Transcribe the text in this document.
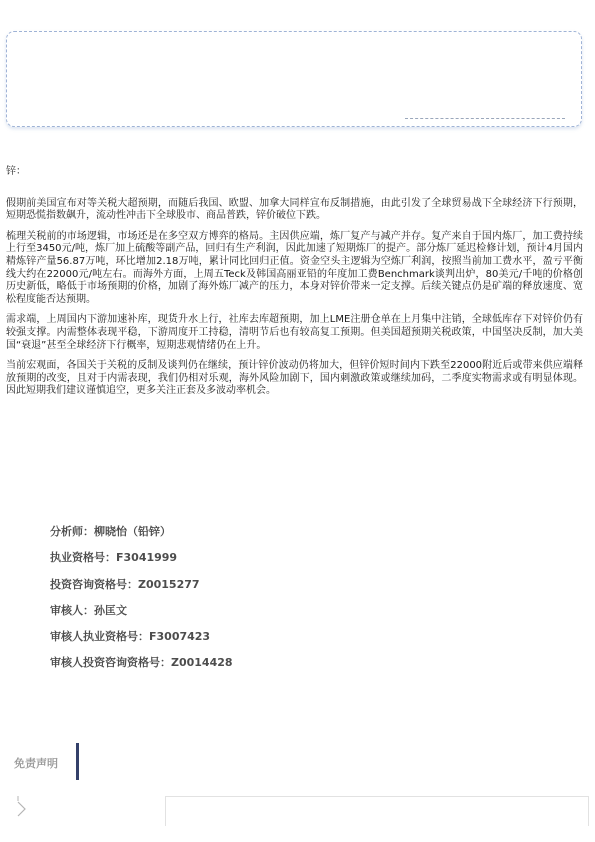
锌：

假期前美国宣布对等关税大超预期，而随后我国、欧盟、加拿大同样宣布反制措施，由此引发了全球贸易战下全球经济下行预期，短期恐慌指数飙升，流动性冲击下全球股市、商品普跌，锌价破位下跌。

梳理关税前的市场逻辑，市场还是在多空双方博弈的格局。主因供应端，炼厂复产与减产并存。复产来自于国内炼厂，加工费持续上行至3450元/吨，炼厂加上硫酸等副产品，回归有生产利润，因此加速了短期炼厂的提产。部分炼厂延迟检修计划，预计4月国内精炼锌产量56.87万吨，环比增加2.18万吨，累计同比回归正值。资金空头主逻辑为空炼厂利润，按照当前加工费水平，盈亏平衡线大约在22000元/吨左右。而海外方面，上周五Teck及韩国高丽亚铅的年度加工费Benchmark谈判出炉，80美元/千吨的价格创历史新低，略低于市场预期的价格，加剧了海外炼厂减产的压力，本身对锌价带来一定支撑。后续关键点仍是矿端的释放速度、宽松程度能否达预期。

需求端，上周国内下游加速补库，现货升水上行，社库去库超预期，加上LME注册仓单在上月集中注销，全球低库存下对锌价仍有较强支撑。内需整体表现平稳，下游周度开工持稳，清明节后也有较高复工预期。但美国超预期关税政策，中国坚决反制，加大美国“衰退”甚至全球经济下行概率，短期悲观情绪仍在上升。

当前宏观面，各国关于关税的反制及谈判仍在继续，预计锌价波动仍将加大，但锌价短时间内下跌至22000附近后或带来供应端释放预期的改变，且对于内需表现，我们仍相对乐观，海外风险加剧下，国内刺激政策或继续加码，二季度实物需求或有明显体现。因此短期我们建议谨慎追空，更多关注正套及多波动率机会。

分析师：柳晓怡（铅锌）
执业资格号：F3041999
投资咨询资格号：Z0015277
审核人：孙匡文
审核人执业资格号：F3007423
审核人投资咨询资格号：Z0014428
免责声明
